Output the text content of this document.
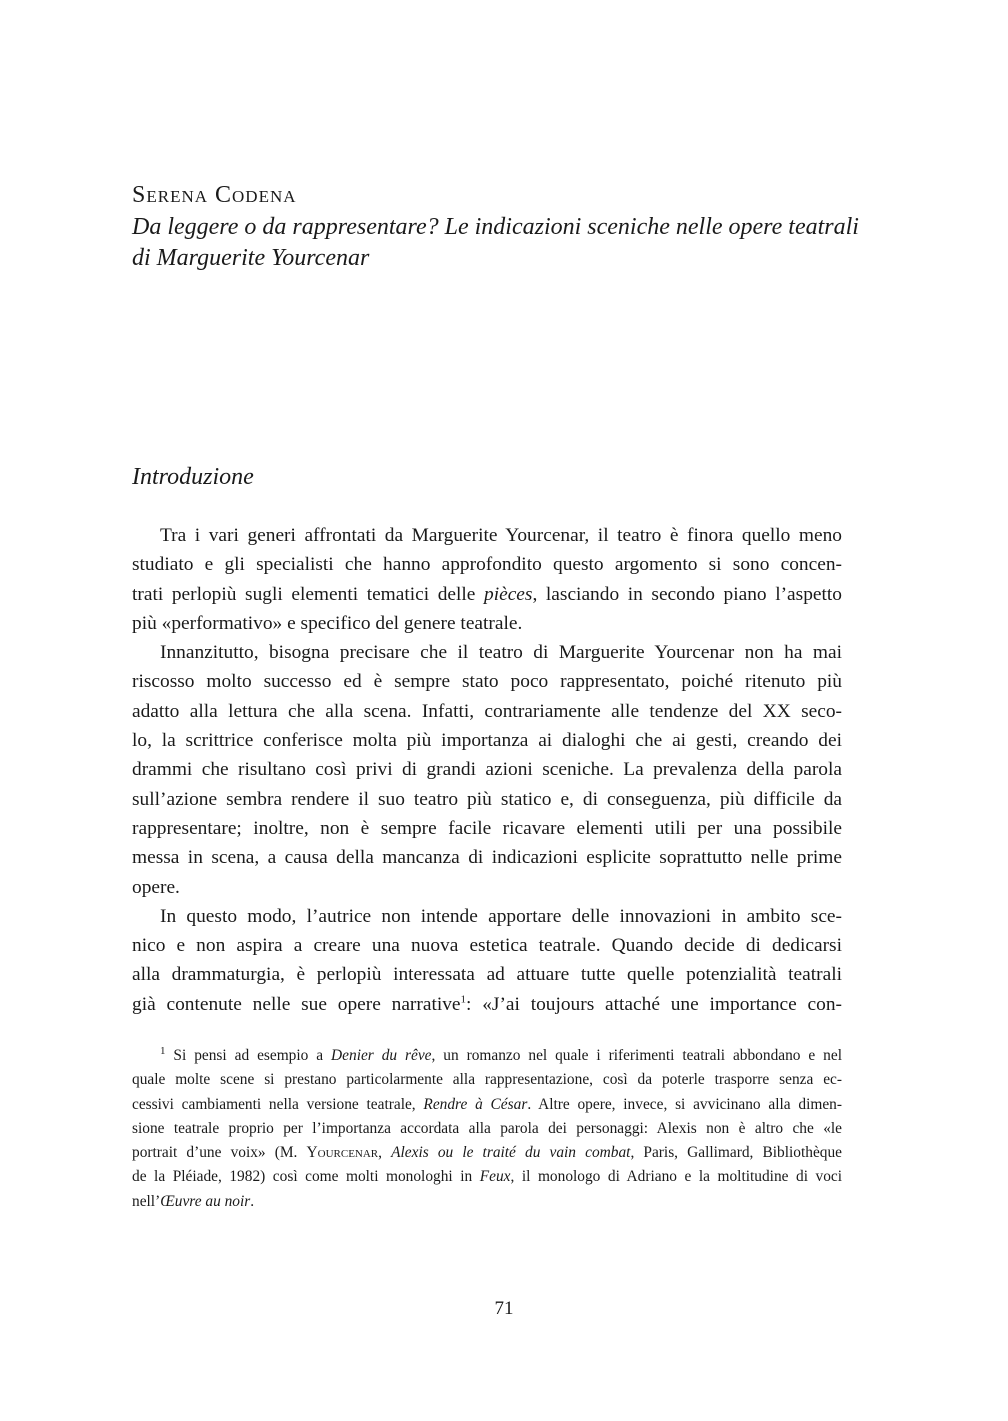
Serena Codena

Da leggere o da rappresentare? Le indicazioni sceniche nelle opere teatrali
di Marguerite Yourcenar
Introduzione

Tra i vari generi affrontati da Marguerite Yourcenar, il teatro è finora quello meno
studiato e gli specialisti che hanno approfondito questo argomento si sono concen-
trati perlopiù sugli elementi tematici delle pièces, lasciando in secondo piano l’aspetto
più «performativo» e specifico del genere teatrale.

Innanzitutto, bisogna precisare che il teatro di Marguerite Yourcenar non ha mai
riscosso molto successo ed è sempre stato poco rappresentato, poiché ritenuto più
adatto alla lettura che alla scena. Infatti, contrariamente alle tendenze del XX seco-
lo, la scrittrice conferisce molta più importanza ai dialoghi che ai gesti, creando dei
drammi che risultano così privi di grandi azioni sceniche. La prevalenza della parola
sull’azione sembra rendere il suo teatro più statico e, di conseguenza, più difficile da
rappresentare; inoltre, non è sempre facile ricavare elementi utili per una possibile
messa in scena, a causa della mancanza di indicazioni esplicite soprattutto nelle prime
opere.

In questo modo, l’autrice non intende apportare delle innovazioni in ambito sce-
nico e non aspira a creare una nuova estetica teatrale. Quando decide di dedicarsi
alla drammaturgia, è perlopiù interessata ad attuare tutte quelle potenzialità teatrali
già contenute nelle sue opere narrative$^1$: «J’ai toujours attaché une importance con-

$^1$ Si pensi ad esempio a Denier du rêve, un romanzo nel quale i riferimenti teatrali abbondano e nel
quale molte scene si prestano particolarmente alla rappresentazione, così da poterle trasporre senza ec-
cessivi cambiamenti nella versione teatrale, Rendre à César. Altre opere, invece, si avvicinano alla dimen-
sione teatrale proprio per l’importanza accordata alla parola dei personaggi: Alexis non è altro che «le
portrait d’une voix» (M. Yourcenar, Alexis ou le traité du vain combat, Paris, Gallimard, Bibliothèque
de la Pléiade, 1982) così come molti monologhi in Feux, il monologo di Adriano e la moltitudine di voci
nell’Œuvre au noir.

71
